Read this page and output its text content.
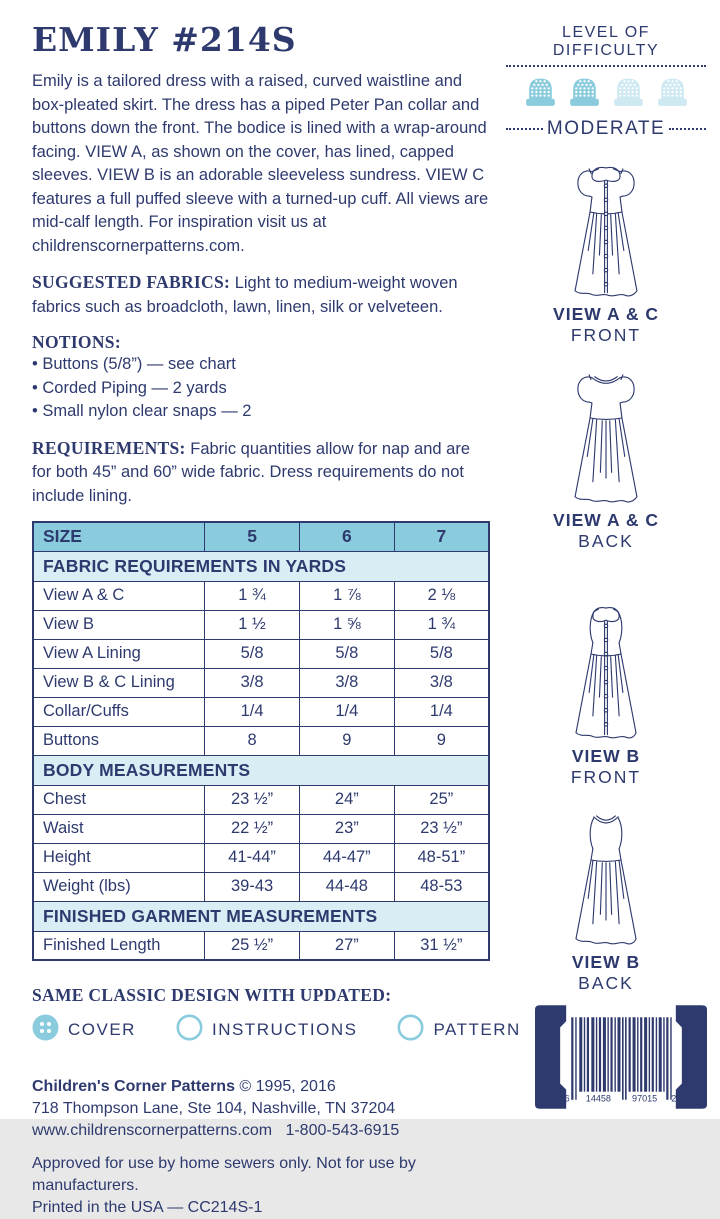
EMILY #214S

Emily is a tailored dress with a raised, curved waistline and box-pleated skirt. The dress has a piped Peter Pan collar and buttons down the front. The bodice is lined with a wrap-around facing. VIEW A, as shown on the cover, has lined, capped sleeves. VIEW B is an adorable sleeveless sundress. VIEW C features a full puffed sleeve with a turned-up cuff. All views are mid-calf length. For inspiration visit us at childrenscornerpatterns.com.

SUGGESTED FABRICS: Light to medium-weight woven fabrics such as broadcloth, lawn, linen, silk or velveteen.

NOTIONS:
• Buttons (5/8”) — see chart
• Corded Piping — 2 yards
• Small nylon clear snaps — 2

REQUIREMENTS: Fabric quantities allow for nap and are for both 45” and 60” wide fabric. Dress requirements do not include lining.

SIZE	5	6	7
FABRIC REQUIREMENTS IN YARDS			
View A & C	1 ¾	1 ⅞	2 ⅛
View B	1 ½	1 ⅝	1 ¾
View A Lining	5/8	5/8	5/8
View B & C Lining	3/8	3/8	3/8
Collar/Cuffs	1/4	1/4	1/4
Buttons	8	9	9
BODY MEASUREMENTS			
Chest	23 ½”	24”	25”
Waist	22 ½”	23”	23 ½”
Height	41-44”	44-47”	48-51”
Weight (lbs)	39-43	44-48	48-53
FINISHED GARMENT MEASUREMENTS			
Finished Length	25 ½”	27”	31 ½”
SAME CLASSIC DESIGN WITH UPDATED:
COVER	INSTRUCTIONS	PATTERN
Children's Corner Patterns © 1995, 2016
718 Thompson Lane, Ste 104, Nashville, TN 37204
www.childrenscornerpatterns.com 1-800-543-6915
Approved for use by home sewers only. Not for use by manufacturers.
Printed in the USA — CC214S-1
LEVEL OF DIFFICULTY
MODERATE
VIEW A & C
FRONT
VIEW A & C
BACK
VIEW B
FRONT
VIEW B
BACK
6 14458 97015 2
